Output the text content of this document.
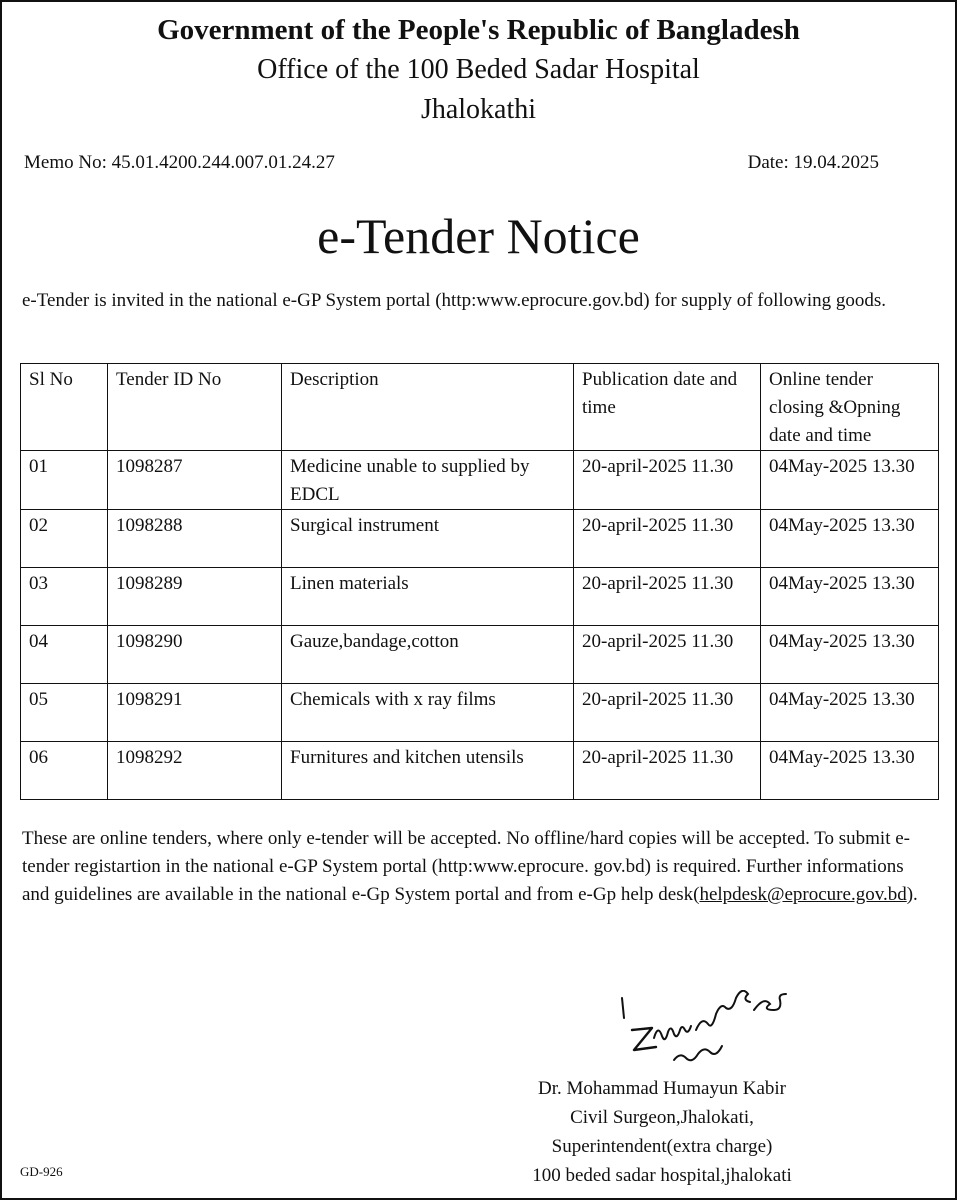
Government of the People's Republic of Bangladesh
Office of the 100 Beded Sadar Hospital
Jhalokathi
Memo No: 45.01.4200.244.007.01.24.27	Date: 19.04.2025
e-Tender Notice
e-Tender is invited in the national e-GP System portal (http:www.eprocure.gov.bd) for supply of following goods.
Sl No	Tender ID No	Description	Publication date and time	Online tender closing &Opning date and time
01	1098287	Medicine unable to supplied by EDCL	20-april-2025 11.30	04May-2025 13.30
02	1098288	Surgical instrument	20-april-2025 11.30	04May-2025 13.30
03	1098289	Linen materials	20-april-2025 11.30	04May-2025 13.30
04	1098290	Gauze,bandage,cotton	20-april-2025 11.30	04May-2025 13.30
05	1098291	Chemicals with x ray films	20-april-2025 11.30	04May-2025 13.30
06	1098292	Furnitures and kitchen utensils	20-april-2025 11.30	04May-2025 13.30
These are online tenders, where only e-tender will be accepted. No offline/hard copies will be accepted. To submit e-tender registartion in the national e-GP System portal (http:www.eprocure. gov.bd) is required. Further informations and guidelines are available in the national e-Gp System portal and from e-Gp help desk(helpdesk@eprocure.gov.bd).
Dr. Mohammad Humayun Kabir
Civil Surgeon,Jhalokati,
Superintendent(extra charge)
100 beded sadar hospital,jhalokati
GD-926
